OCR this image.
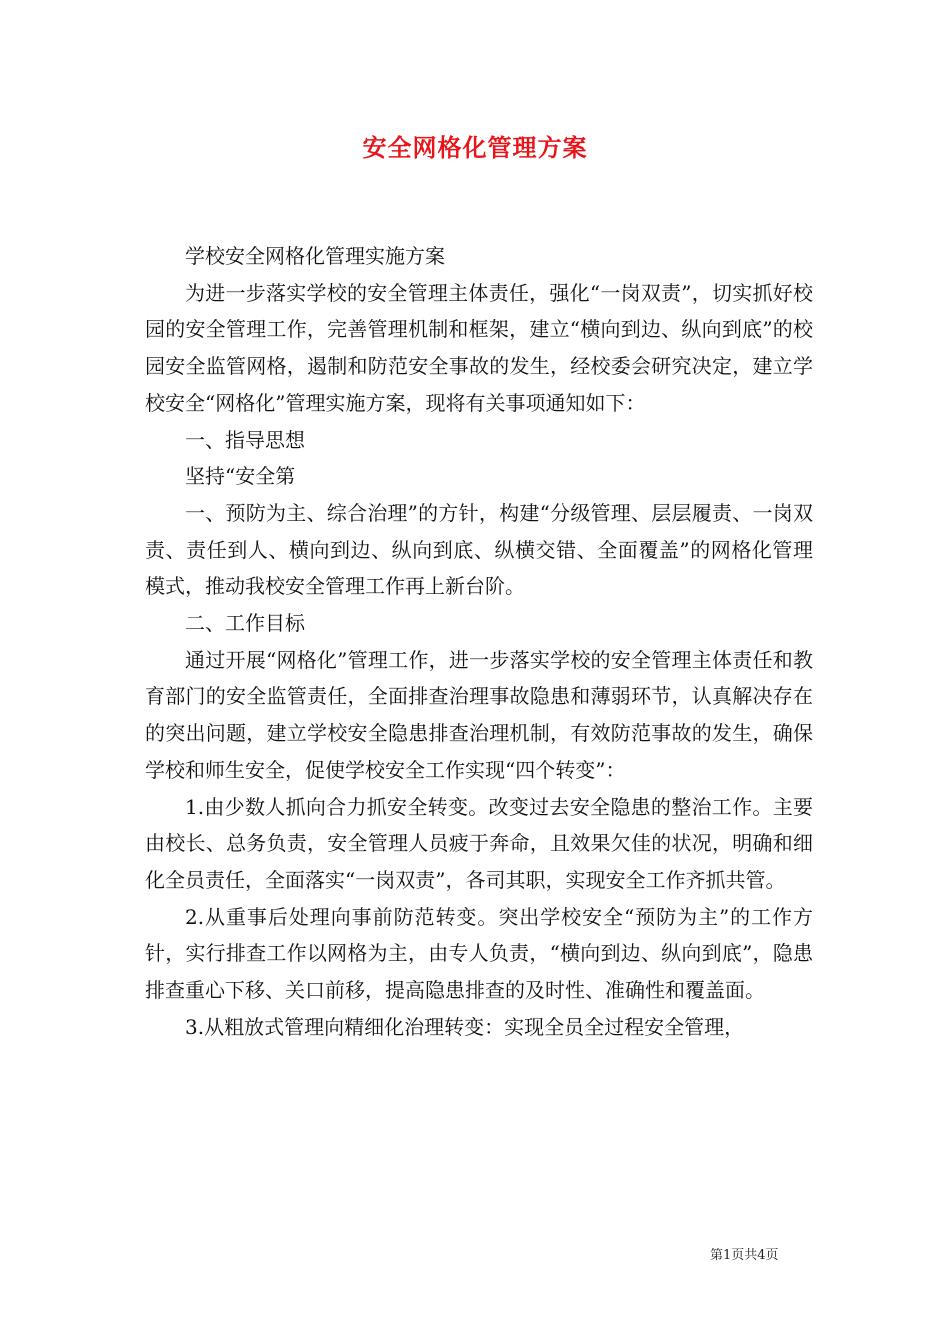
安全网格化管理方案

学校安全网格化管理实施方案

为进一步落实学校的安全管理主体责任，强化“一岗双责”，切实抓好校园的安全管理工作，完善管理机制和框架，建立“横向到边、纵向到底”的校园安全监管网格，遏制和防范安全事故的发生，经校委会研究决定，建立学校安全“网格化”管理实施方案，现将有关事项通知如下：

一、指导思想

坚持“安全第

一、预防为主、综合治理”的方针，构建“分级管理、层层履责、一岗双责、责任到人、横向到边、纵向到底、纵横交错、全面覆盖”的网格化管理模式，推动我校安全管理工作再上新台阶。

二、工作目标

通过开展“网格化”管理工作，进一步落实学校的安全管理主体责任和教育部门的安全监管责任，全面排查治理事故隐患和薄弱环节，认真解决存在的突出问题，建立学校安全隐患排查治理机制，有效防范事故的发生，确保学校和师生安全，促使学校安全工作实现“四个转变”：

1.由少数人抓向合力抓安全转变。改变过去安全隐患的整治工作。主要由校长、总务负责，安全管理人员疲于奔命，且效果欠佳的状况，明确和细化全员责任，全面落实“一岗双责”，各司其职，实现安全工作齐抓共管。

2.从重事后处理向事前防范转变。突出学校安全“预防为主”的工作方针，实行排查工作以网格为主，由专人负责，“横向到边、纵向到底”，隐患排查重心下移、关口前移，提高隐患排查的及时性、准确性和覆盖面。

3.从粗放式管理向精细化治理转变：实现全员全过程安全管理，

第1页共4页
